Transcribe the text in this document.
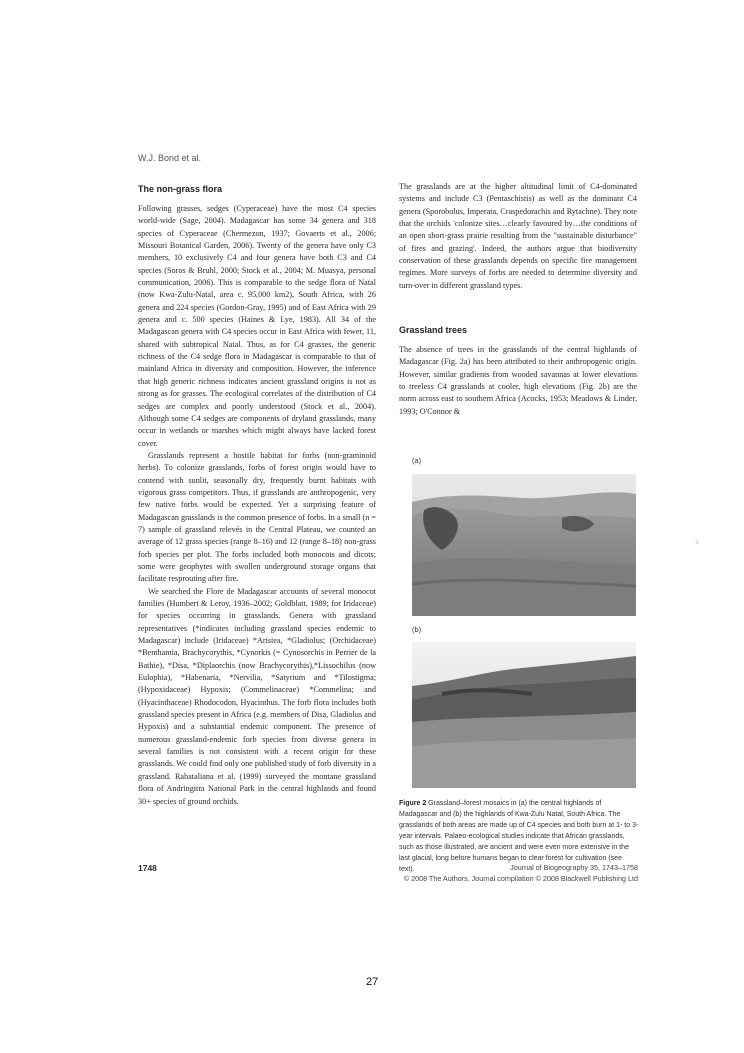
W.J. Bond et al.
The non-grass flora

Following grasses, sedges (Cyperaceae) have the most C4 species world-wide (Sage, 2004). Madagascar has some 34 genera and 318 species of Cyperaceae (Chermezon, 1937; Govaerts et al., 2006; Missouri Botanical Garden, 2006). Twenty of the genera have only C3 members, 10 exclusively C4 and four genera have both C3 and C4 species (Soros & Bruhl, 2000; Stock et al., 2004; M. Muasya, personal communication, 2006). This is comparable to the sedge flora of Natal (now Kwa-Zulu-Natal, area c. 95,000 km2), South Africa, with 26 genera and 224 species (Gordon-Gray, 1995) and of East Africa with 29 genera and c. 500 species (Haines & Lye, 1983). All 34 of the Madagascan genera with C4 species occur in East Africa with fewer, 11, shared with subtropical Natal. Thus, as for C4 grasses, the generic richness of the C4 sedge flora in Madagascar is comparable to that of mainland Africa in diversity and composition. However, the inference that high generic richness indicates ancient grassland origins is not as strong as for grasses. The ecological correlates of the distribution of C4 sedges are complex and poorly understood (Stock et al., 2004). Although some C4 sedges are components of dryland grasslands, many occur in wetlands or marshes which might always have lacked forest cover.

Grasslands represent a hostile habitat for forbs (non-graminoid herbs). To colonize grasslands, forbs of forest origin would have to contend with sunlit, seasonally dry, frequently burnt habitats with vigorous grass competitors. Thus, if grasslands are anthropogenic, very few native forbs would be expected. Yet a surprising feature of Madagascan grasslands is the common presence of forbs. In a small (n = 7) sample of grassland relevés in the Central Plateau, we counted an average of 12 grass species (range 8–16) and 12 (range 8–18) non-grass forb species per plot. The forbs included both monocots and dicots; some were geophytes with swollen underground storage organs that facilitate resprouting after fire.

We searched the Flore de Madagascar accounts of several monocot families (Humbert & Leroy, 1936–2002; Goldblatt, 1989; for Iridaceae) for species occurring in grasslands. Genera with grassland representatives (*indicates including grassland species endemic to Madagascar) include (Iridaceae) *Aristea, *Gladiolus; (Orchidaceae) *Benthamia, Brachycorythis, *Cynorkis (= Cynosorchis in Perrier de la Bathie), *Disa, *Diplaorchis (now Brachycorythis),*Lissochilus (now Eulophia), *Habenaria, *Nervilia, *Satyrium and *Tilostigma; (Hypoxidaceae) Hypoxis; (Commelinaceae) *Commelina; and (Hyacinthaceae) Rhodocodon, Hyacinthus. The forb flora includes both grassland species present in Africa (e.g. members of Disa, Gladiolus and Hypoxis) and a substantial endemic component. The presence of numerous grassland-endemic forb species from diverse genera in several families is not consistent with a recent origin for these grasslands. We could find only one published study of forb diversity in a grassland. Rabataliana et al. (1999) surveyed the montane grassland flora of Andringitra National Park in the central highlands and found 30+ species of ground orchids.

The grasslands are at the higher altitudinal limit of C4-dominated systems and include C3 (Pentaschistis) as well as the dominant C4 genera (Sporobolus, Imperata, Craspedorachis and Rytachne). They note that the orchids 'colonize sites…clearly favoured by…the conditions of an open short-grass prairie resulting from the "sustainable disturbance" of fires and grazing'. Indeed, the authors argue that biodiversity conservation of these grasslands depends on specific fire management regimes. More surveys of forbs are needed to determine diversity and turn-over in different grassland types.

Grassland trees

The absence of trees in the grasslands of the central highlands of Madagascar (Fig. 2a) has been attributed to their anthropogenic origin. However, similar gradients from wooded savannas at lower elevations to treeless C4 grasslands at cooler, high elevations (Fig. 2b) are the norm across east to southern Africa (Acocks, 1953; Meadows & Linder, 1993; O'Connor &

(a)
(b)
Figure 2 Grassland–forest mosaics in (a) the central highlands of Madagascar and (b) the highlands of Kwa-Zulu Natal, South Africa. The grasslands of both areas are made up of C4 species and both burn at 1- to 3-year intervals. Palaeo-ecological studies indicate that African grasslands, such as those illustrated, are ancient and were even more extensive in the last glacial, long before humans began to clear forest for cultivation (see text).
1748	Journal of Biogeography 35, 1743–1758
© 2008 The Authors. Journal compilation © 2008 Blackwell Publishing Ltd
ㅊ
27
